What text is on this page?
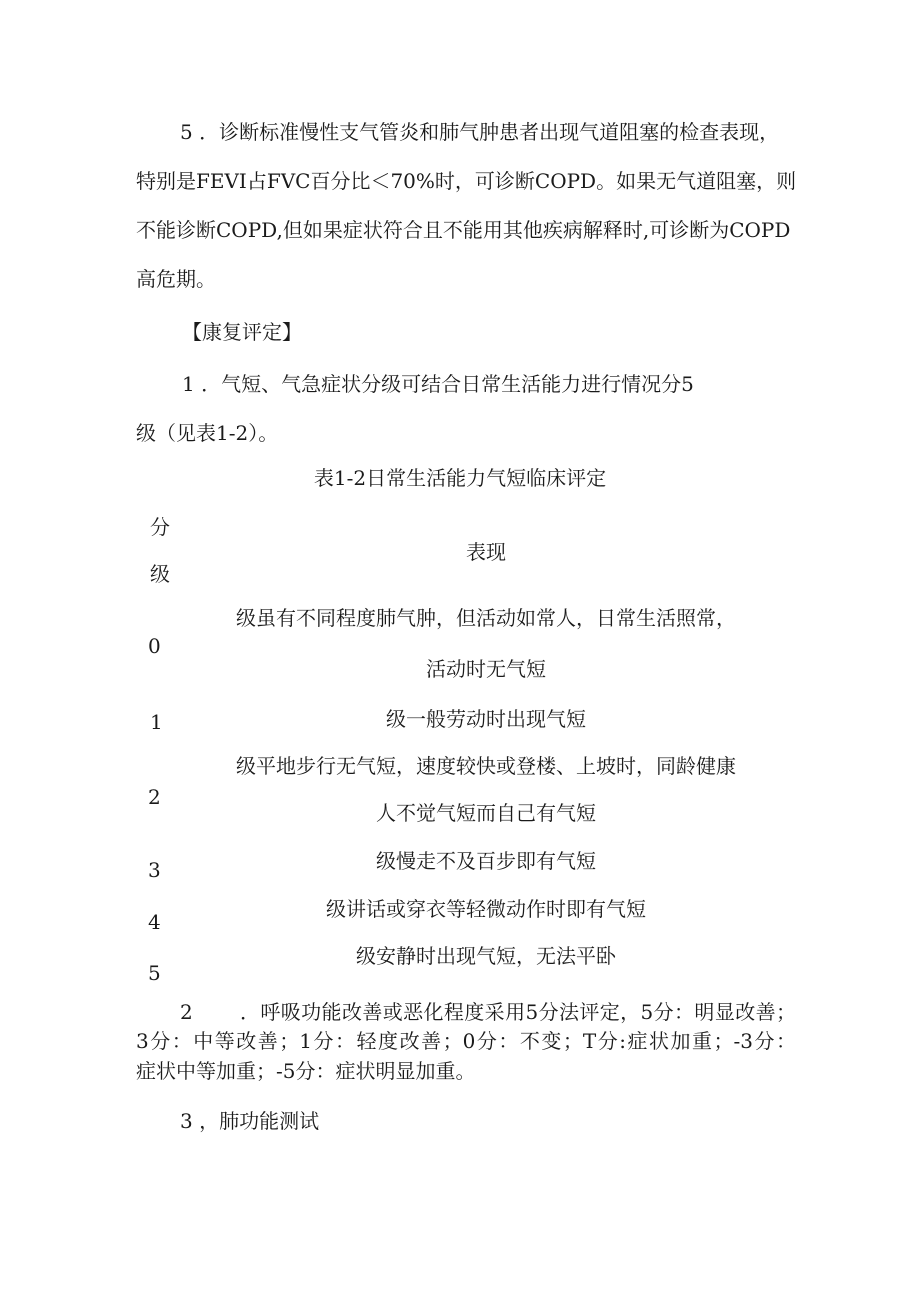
5 ．诊断标准慢性支气管炎和肺气肿患者出现气道阻塞的检查表现，
特别是FEVI占FVC百分比＜70%时，可诊断COPD。如果无气道阻塞，则
不能诊断COPD,但如果症状符合且不能用其他疾病解释时,可诊断为COPD
高危期。
【康复评定】
1 ．气短、气急症状分级可结合日常生活能力进行情况分5
级（见表1-2）。
表1-2日常生活能力气短临床评定
分
级
表现
0
级虽有不同程度肺气肿，但活动如常人，日常生活照常，
活动时无气短
1	级一般劳动时出现气短
2
级平地步行无气短，速度较快或登楼、上坡时，同龄健康
人不觉气短而自己有气短
3	级慢走不及百步即有气短
4
级讲话或穿衣等轻微动作时即有气短
5
级安静时出现气短，无法平卧
2 ．呼吸功能改善或恶化程度采用5分法评定，5分：明显改善；
3分：中等改善；1分：轻度改善；0分：不变；T分:症状加重；-3分：
症状中等加重；-5分：症状明显加重。
3 ，肺功能测试
